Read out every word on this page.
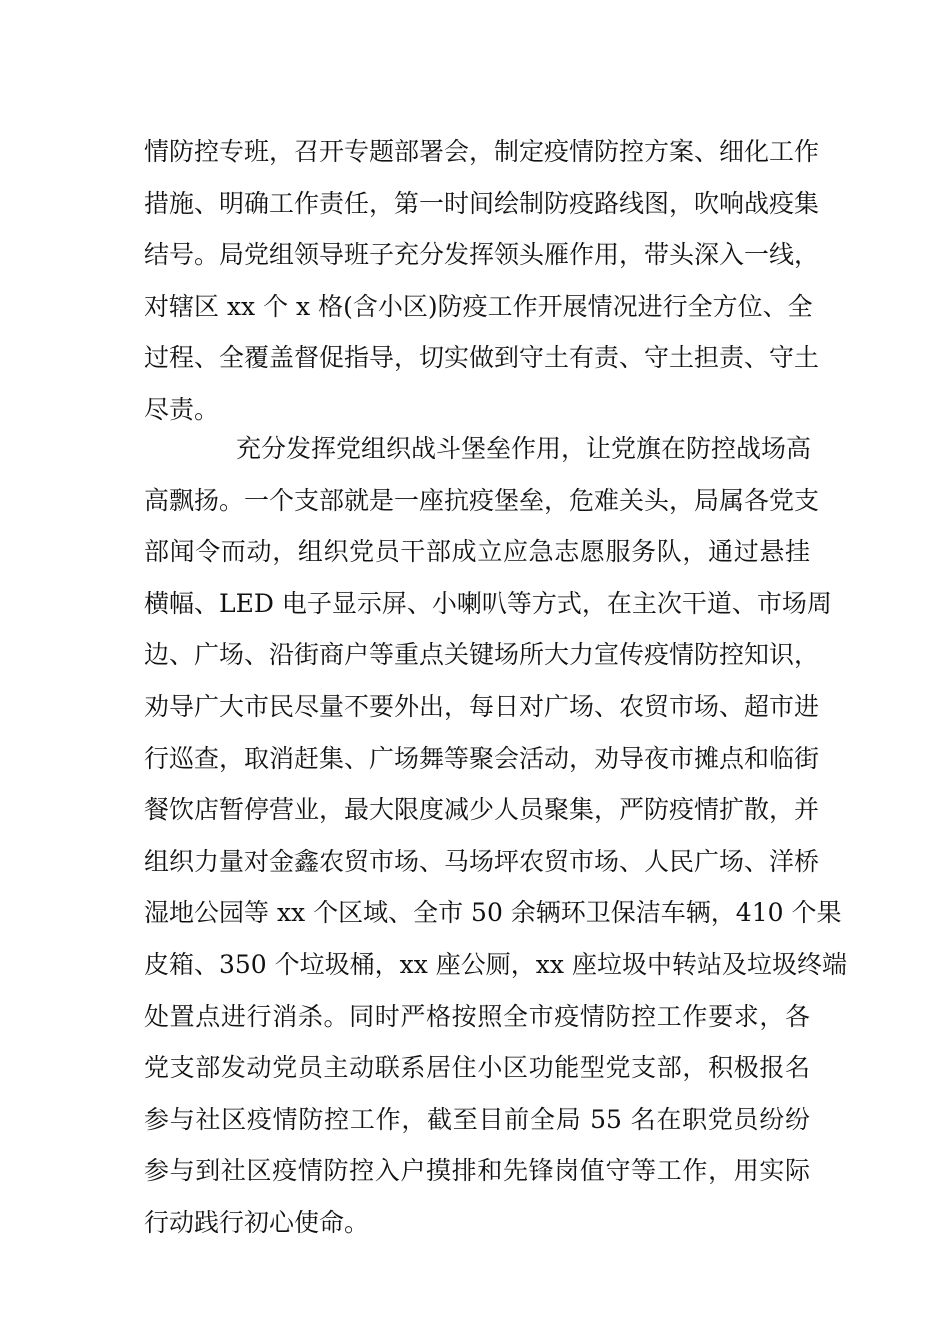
情防控专班，召开专题部署会，制定疫情防控方案、细化工作
措施、明确工作责任，第一时间绘制防疫路线图，吹响战疫集
结号。局党组领导班子充分发挥领头雁作用，带头深入一线，
对辖区 xx 个 x 格(含小区)防疫工作开展情况进行全方位、全
过程、全覆盖督促指导，切实做到守土有责、守土担责、守土
尽责。
充分发挥党组织战斗堡垒作用，让党旗在防控战场高
高飘扬。一个支部就是一座抗疫堡垒，危难关头，局属各党支
部闻令而动，组织党员干部成立应急志愿服务队，通过悬挂
横幅、LED 电子显示屏、小喇叭等方式，在主次干道、市场周
边、广场、沿街商户等重点关键场所大力宣传疫情防控知识，
劝导广大市民尽量不要外出，每日对广场、农贸市场、超市进
行巡查，取消赶集、广场舞等聚会活动，劝导夜市摊点和临街
餐饮店暂停营业，最大限度减少人员聚集，严防疫情扩散，并
组织力量对金鑫农贸市场、马场坪农贸市场、人民广场、洋桥
湿地公园等 xx 个区域、全市 50 余辆环卫保洁车辆，410 个果
皮箱、350 个垃圾桶，xx 座公厕，xx 座垃圾中转站及垃圾终端
处置点进行消杀。同时严格按照全市疫情防控工作要求，各
党支部发动党员主动联系居住小区功能型党支部，积极报名
参与社区疫情防控工作，截至目前全局 55 名在职党员纷纷
参与到社区疫情防控入户摸排和先锋岗值守等工作，用实际
行动践行初心使命。
